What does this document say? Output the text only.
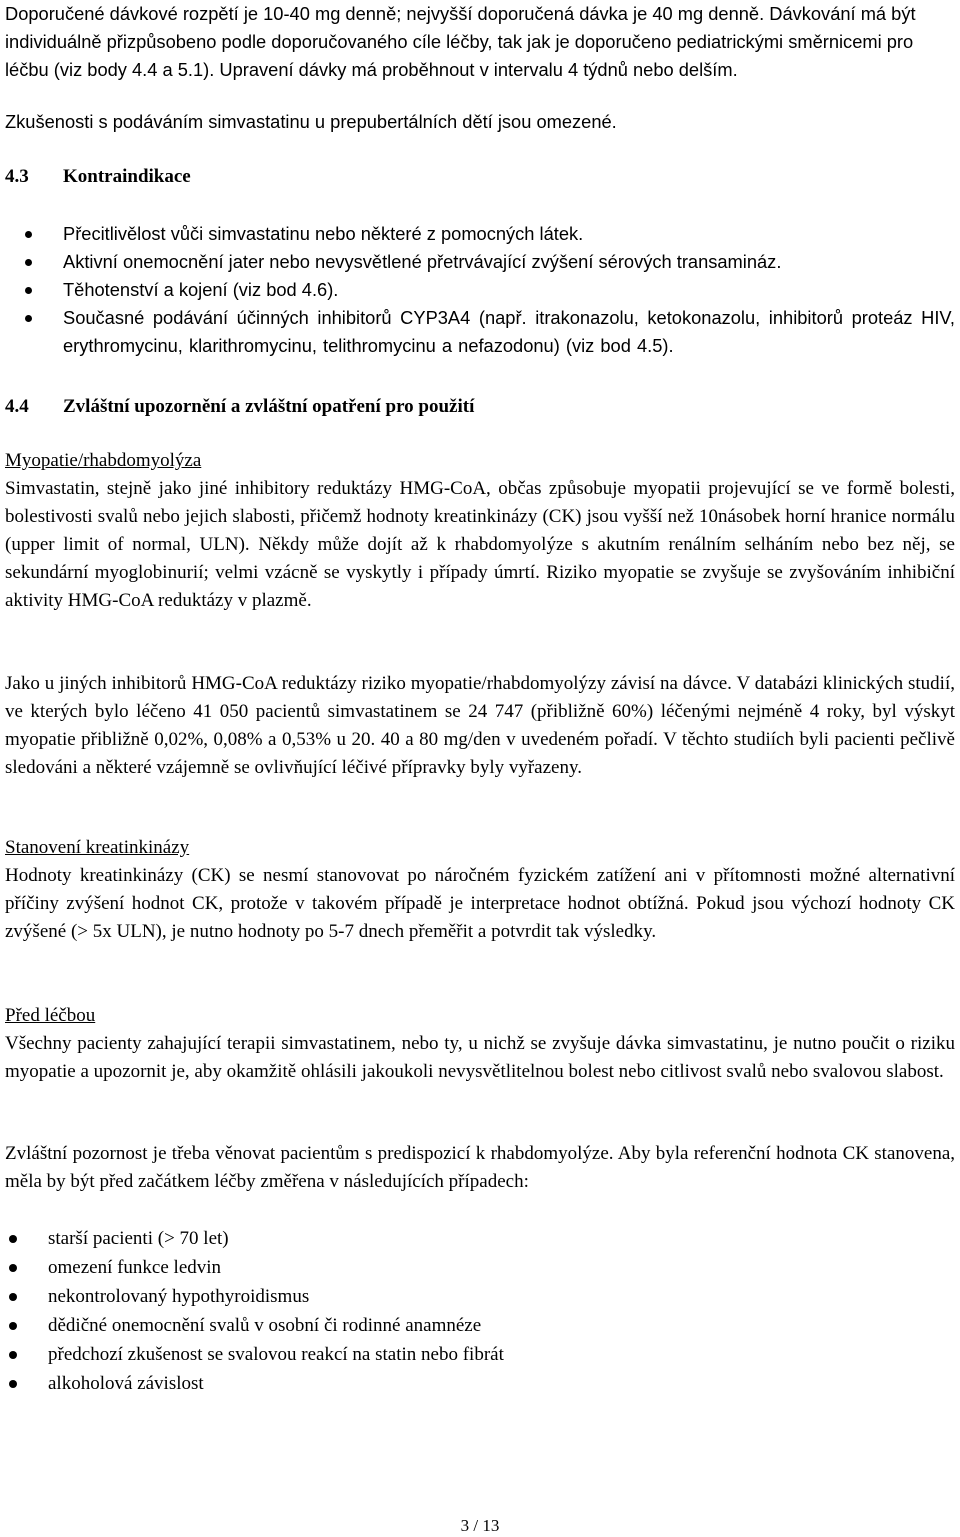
Doporučené dávkové rozpětí je 10-40 mg denně; nejvyšší doporučená dávka je 40 mg denně. Dávkování má být individuálně přizpůsobeno podle doporučovaného cíle léčby, tak jak je doporučeno pediatrickými směrnicemi pro léčbu (viz body 4.4 a 5.1). Upravení dávky má proběhnout v intervalu 4 týdnů nebo delším.

Zkušenosti s podáváním simvastatinu u prepubertálních dětí jsou omezené.

4.3 Kontraindikace
Přecitlivělost vůči simvastatinu nebo některé z pomocných látek.
Aktivní onemocnění jater nebo nevysvětlené přetrvávající zvýšení sérových transamináz.
Těhotenství a kojení (viz bod 4.6).
Současné podávání účinných inhibitorů CYP3A4 (např. itrakonazolu, ketokonazolu, inhibitorů proteáz HIV, erythromycinu, klarithromycinu, telithromycinu a nefazodonu) (viz bod 4.5).
4.4 Zvláštní upozornění a zvláštní opatření pro použití

Myopatie/rhabdomyolýza

Simvastatin, stejně jako jiné inhibitory reduktázy HMG-CoA, občas způsobuje myopatii projevující se ve formě bolesti, bolestivosti svalů nebo jejich slabosti, přičemž hodnoty kreatinkinázy (CK) jsou vyšší než 10násobek horní hranice normálu (upper limit of normal, ULN). Někdy může dojít až k rhabdomyolýze s akutním renálním selháním nebo bez něj, se sekundární myoglobinurií; velmi vzácně se vyskytly i případy úmrtí. Riziko myopatie se zvyšuje se zvyšováním inhibiční aktivity HMG-CoA reduktázy v plazmě.

Jako u jiných inhibitorů HMG-CoA reduktázy riziko myopatie/rhabdomyolýzy závisí na dávce. V databázi klinických studií, ve kterých bylo léčeno 41 050 pacientů simvastatinem se 24 747 (přibližně 60%) léčenými nejméně 4 roky, byl výskyt myopatie přibližně 0,02%, 0,08% a 0,53% u 20. 40 a 80 mg/den v uvedeném pořadí. V těchto studiích byli pacienti pečlivě sledováni a některé vzájemně se ovlivňující léčivé přípravky byly vyřazeny.

Stanovení kreatinkinázy

Hodnoty kreatinkinázy (CK) se nesmí stanovovat po náročném fyzickém zatížení ani v přítomnosti možné alternativní příčiny zvýšení hodnot CK, protože v takovém případě je interpretace hodnot obtížná. Pokud jsou výchozí hodnoty CK zvýšené (> 5x ULN), je nutno hodnoty po 5-7 dnech přeměřit a potvrdit tak výsledky.

Před léčbou

Všechny pacienty zahajující terapii simvastatinem, nebo ty, u nichž se zvyšuje dávka simvastatinu, je nutno poučit o riziku myopatie a upozornit je, aby okamžitě ohlásili jakoukoli nevysvětlitelnou bolest nebo citlivost svalů nebo svalovou slabost.

Zvláštní pozornost je třeba věnovat pacientům s predispozicí k rhabdomyolýze. Aby byla referenční hodnota CK stanovena, měla by být před začátkem léčby změřena v následujících případech:

starší pacienti (> 70 let)
omezení funkce ledvin
nekontrolovaný hypothyroidismus
dědičné onemocnění svalů v osobní či rodinné anamnéze
předchozí zkušenost se svalovou reakcí na statin nebo fibrát
alkoholová závislost
3 / 13
